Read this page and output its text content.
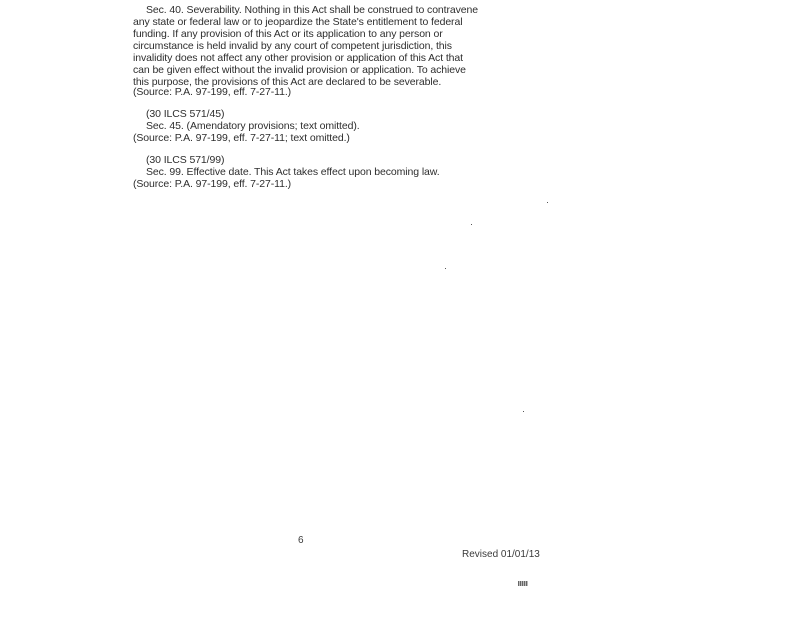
Sec. 40. Severability. Nothing in this Act shall be construed to contravene
any state or federal law or to jeopardize the State's entitlement to federal
funding. If any provision of this Act or its application to any person or
circumstance is held invalid by any court of competent jurisdiction, this
invalidity does not affect any other provision or application of this Act that
can be given effect without the invalid provision or application. To achieve
this purpose, the provisions of this Act are declared to be severable.
(Source: P.A. 97-199, eff. 7-27-11.)
(30 ILCS 571/45)
Sec. 45. (Amendatory provisions; text omitted).
(Source: P.A. 97-199, eff. 7-27-11; text omitted.)
(30 ILCS 571/99)
Sec. 99. Effective date. This Act takes effect upon becoming law.
(Source: P.A. 97-199, eff. 7-27-11.)
6
Revised 01/01/13
